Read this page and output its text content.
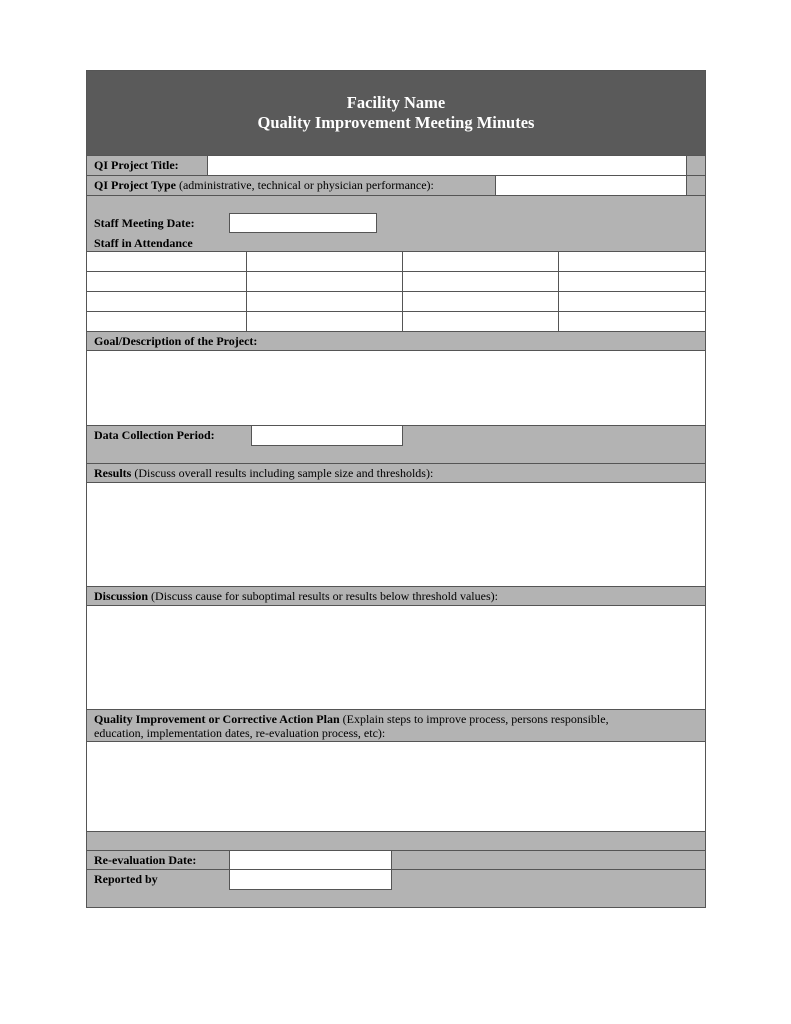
Facility Name
Quality Improvement Meeting Minutes
QI Project Title:
QI Project Type (administrative, technical or physician performance):
Staff Meeting Date:
Staff in Attendance
Goal/Description of the Project:
Data Collection Period:
Results (Discuss overall results including sample size and thresholds):
Discussion (Discuss cause for suboptimal results or results below threshold values):
Quality Improvement or Corrective Action Plan (Explain steps to improve process, persons responsible,
education, implementation dates, re-evaluation process, etc):
Re-evaluation Date:
Reported by
